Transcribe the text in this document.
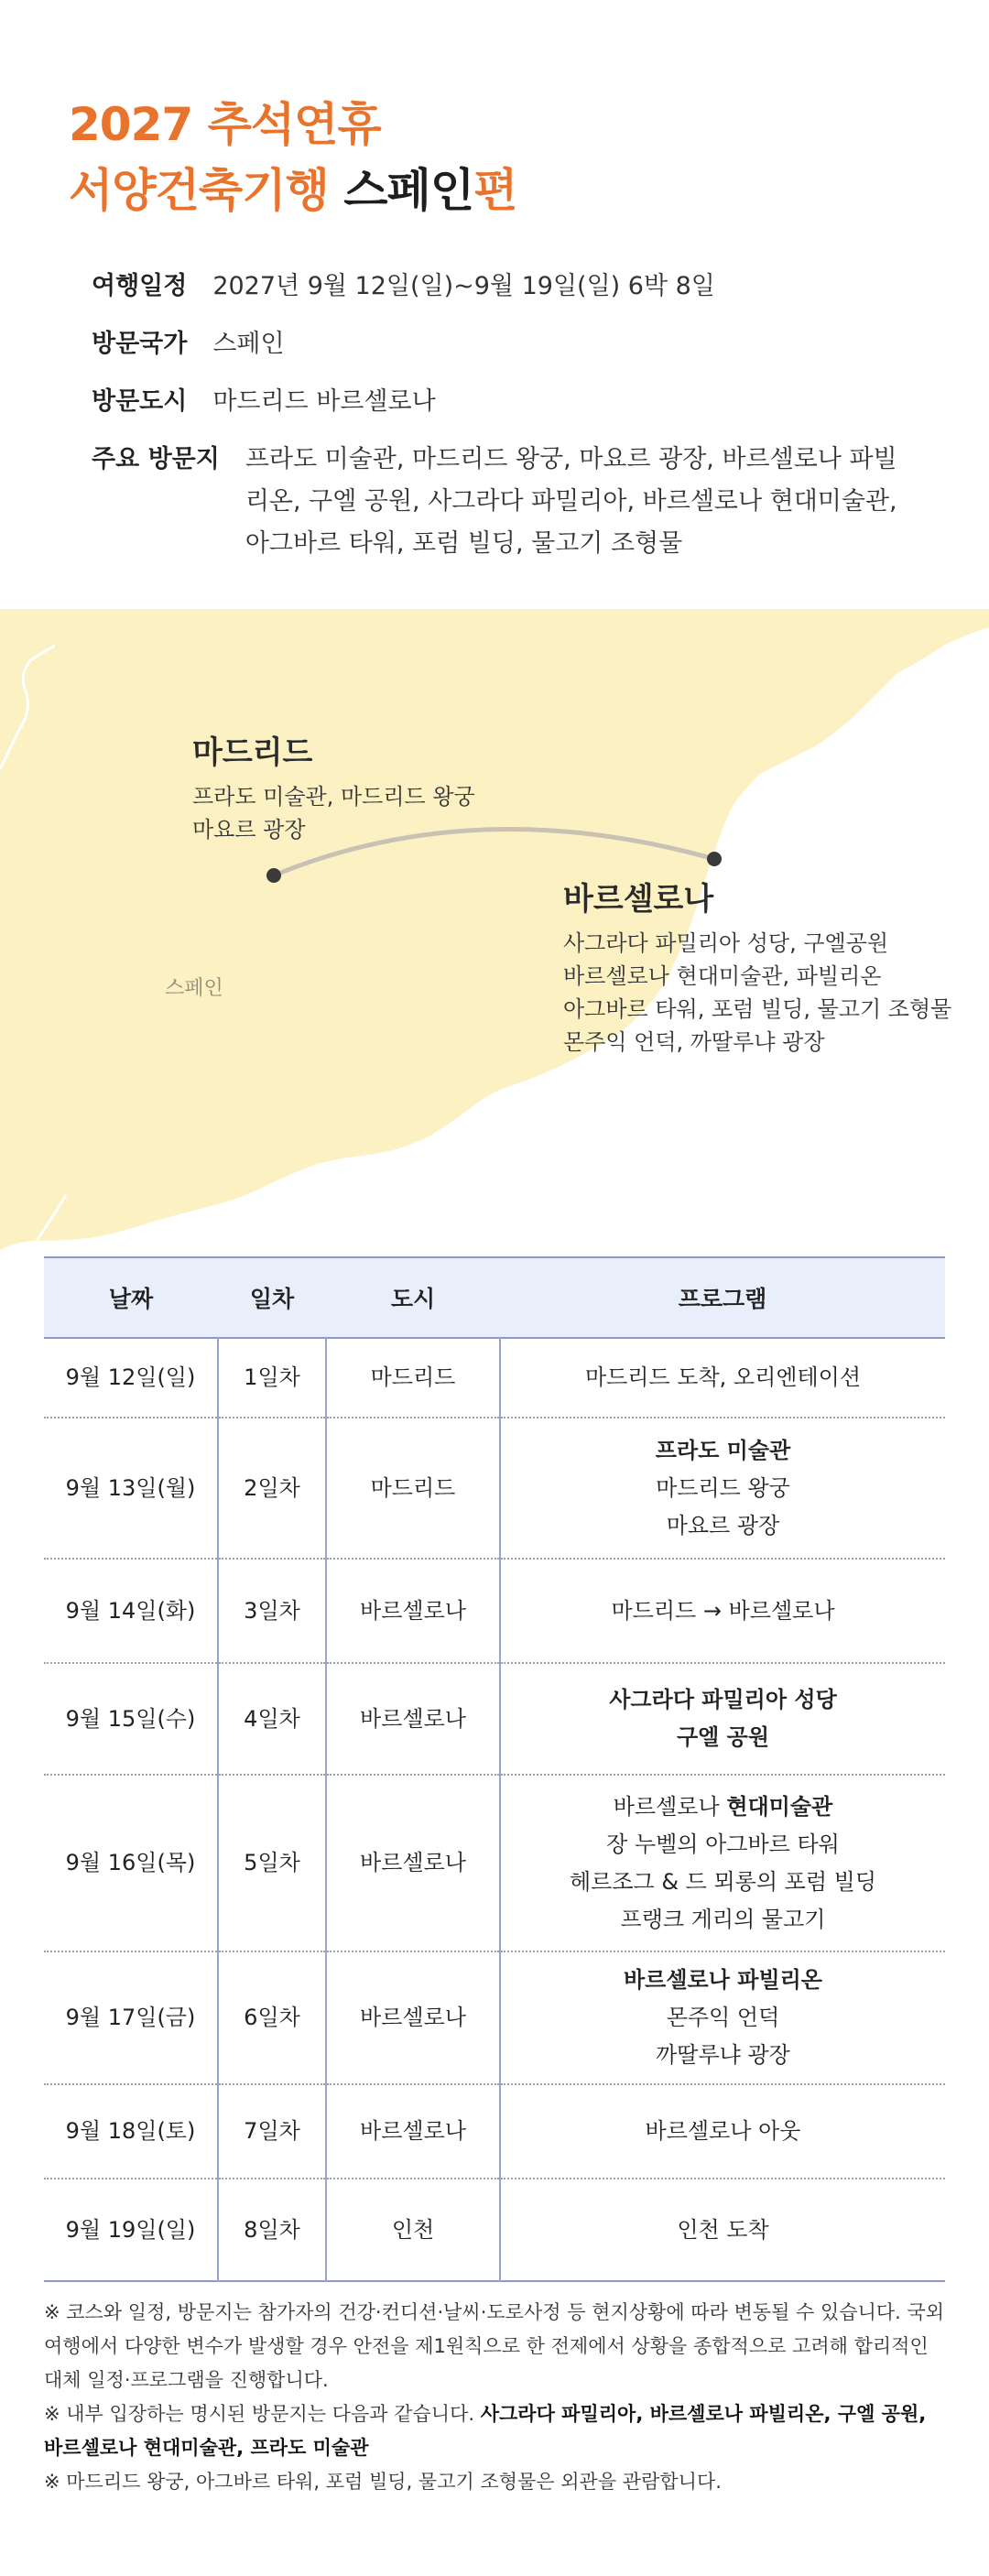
2027 추석연휴
서양건축기행 스페인편
여행일정 2027년 9월 12일(일)~9월 19일(일) 6박 8일
방문국가 스페인
방문도시 마드리드 바르셀로나
주요 방문지 프라도 미술관, 마드리드 왕궁, 마요르 광장, 바르셀로나 파빌리온, 구엘 공원, 사그라다 파밀리아, 바르셀로나 현대미술관, 아그바르 타워, 포럼 빌딩, 물고기 조형물
마드리드
프라도 미술관, 마드리드 왕궁
마요르 광장
바르셀로나
사그라다 파밀리아 성당, 구엘공원
바르셀로나 현대미술관, 파빌리온
아그바르 타워, 포럼 빌딩, 물고기 조형물
몬주익 언덕, 까딸루냐 광장
스페인
날짜	일차	도시	프로그램
9월 12일(일)	1일차	마드리드	마드리드 도착, 오리엔테이션

9월 13일(월)	2일차	마드리드	프라도 미술관
마드리드 왕궁
마요르 광장

9월 14일(화)	3일차	바르셀로나	마드리드 → 바르셀로나

9월 15일(수)	4일차	바르셀로나	사그라다 파밀리아 성당
구엘 공원

9월 16일(목)	5일차	바르셀로나	바르셀로나 현대미술관
장 누벨의 아그바르 타워
헤르조그 & 드 뫼롱의 포럼 빌딩
프랭크 게리의 물고기

9월 17일(금)	6일차	바르셀로나	바르셀로나 파빌리온
몬주익 언덕
까딸루냐 광장

9월 18일(토)	7일차	바르셀로나	바르셀로나 아웃

9월 19일(일)	8일차	인천	인천 도착

※ 코스와 일정, 방문지는 참가자의 건강·컨디션·날씨·도로사정 등 현지상황에 따라 변동될 수 있습니다. 국외여행에서 다양한 변수가 발생할 경우 안전을 제1원칙으로 한 전제에서 상황을 종합적으로 고려해 합리적인 대체 일정·프로그램을 진행합니다.

※ 내부 입장하는 명시된 방문지는 다음과 같습니다. 사그라다 파밀리아, 바르셀로나 파빌리온, 구엘 공원, 바르셀로나 현대미술관, 프라도 미술관

※ 마드리드 왕궁, 아그바르 타워, 포럼 빌딩, 물고기 조형물은 외관을 관람합니다.
